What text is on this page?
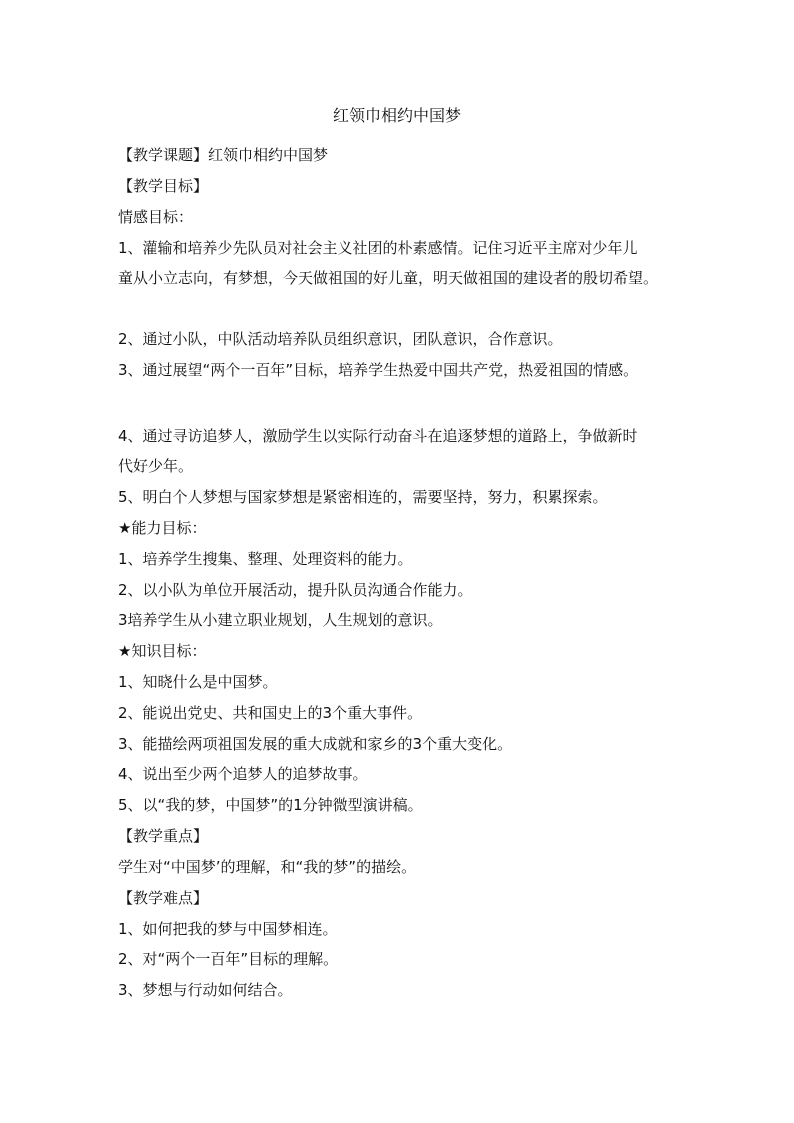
红领巾相约中国梦
【教学课题】红领巾相约中国梦
【教学目标】
情感目标：
1、灌输和培养少先队员对社会主义社团的朴素感情。记住习近平主席对少年儿
童从小立志向，有梦想，今天做祖国的好儿童，明天做祖国的建设者的殷切希望。
2、通过小队，中队活动培养队员组织意识，团队意识，合作意识。
3、通过展望“两个一百年”目标，培养学生热爱中国共产党，热爱祖国的情感。
4、通过寻访追梦人，激励学生以实际行动奋斗在追逐梦想的道路上，争做新时
代好少年。
5、明白个人梦想与国家梦想是紧密相连的，需要坚持，努力，积累探索。
★能力目标：
1、培养学生搜集、整理、处理资料的能力。
2、以小队为单位开展活动，提升队员沟通合作能力。
3培养学生从小建立职业规划，人生规划的意识。
★知识目标：
1、知晓什么是中国梦。
2、能说出党史、共和国史上的3个重大事件。
3、能描绘两项祖国发展的重大成就和家乡的3个重大变化。
4、说出至少两个追梦人的追梦故事。
5、以“我的梦，中国梦”的1分钟微型演讲稿。
【教学重点】
学生对“中国梦’的理解，和“我的梦”的描绘。
【教学难点】
1、如何把我的梦与中国梦相连。
2、对“两个一百年”目标的理解。
3、梦想与行动如何结合。
